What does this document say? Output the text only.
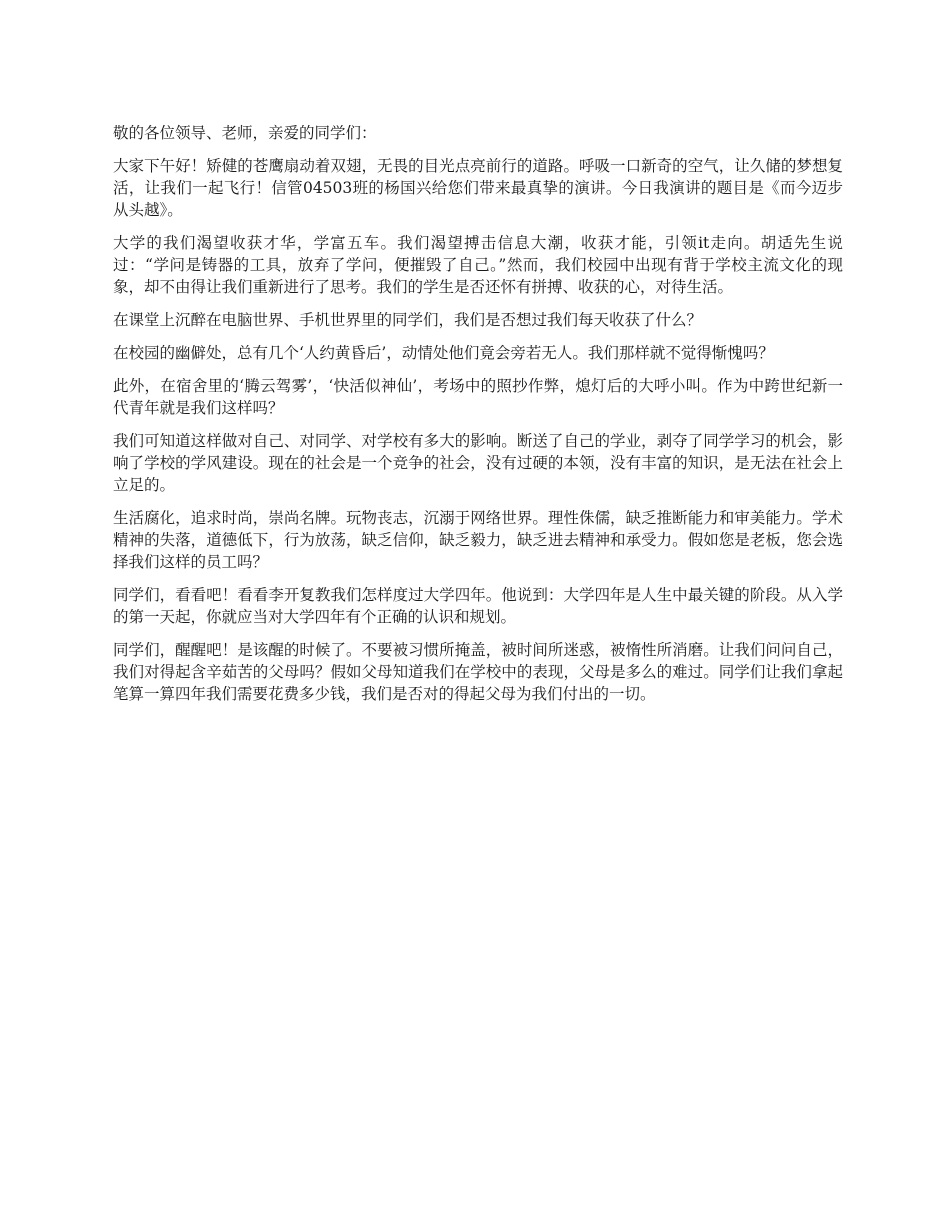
敬的各位领导、老师，亲爱的同学们：

大家下午好！矫健的苍鹰扇动着双翅，无畏的目光点亮前行的道路。呼吸一口新奇的空气，让久储的梦想复活，让我们一起飞行！信管04503班的杨国兴给您们带来最真挚的演讲。今日我演讲的题目是《而今迈步从头越》。

大学的我们渴望收获才华，学富五车。我们渴望搏击信息大潮，收获才能，引领it走向。胡适先生说过：“学问是铸器的工具，放弃了学问，便摧毁了自己。”然而，我们校园中出现有背于学校主流文化的现象，却不由得让我们重新进行了思考。我们的学生是否还怀有拼搏、收获的心，对待生活。

在课堂上沉醉在电脑世界、手机世界里的同学们，我们是否想过我们每天收获了什么？

在校园的幽僻处，总有几个‘人约黄昏后’，动情处他们竟会旁若无人。我们那样就不觉得惭愧吗？

此外，在宿舍里的‘腾云驾雾’，‘快活似神仙’，考场中的照抄作弊，熄灯后的大呼小叫。作为中跨世纪新一代青年就是我们这样吗？

我们可知道这样做对自己、对同学、对学校有多大的影响。断送了自己的学业，剥夺了同学学习的机会，影响了学校的学风建设。现在的社会是一个竞争的社会，没有过硬的本领，没有丰富的知识，是无法在社会上立足的。

生活腐化，追求时尚，崇尚名牌。玩物丧志，沉溺于网络世界。理性侏儒，缺乏推断能力和审美能力。学术精神的失落，道德低下，行为放荡，缺乏信仰，缺乏毅力，缺乏进去精神和承受力。假如您是老板，您会选择我们这样的员工吗？

同学们，看看吧！看看李开复教我们怎样度过大学四年。他说到：大学四年是人生中最关键的阶段。从入学的第一天起，你就应当对大学四年有个正确的认识和规划。

同学们，醒醒吧！是该醒的时候了。不要被习惯所掩盖，被时间所迷惑，被惰性所消磨。让我们问问自己，我们对得起含辛茹苦的父母吗？假如父母知道我们在学校中的表现，父母是多么的难过。同学们让我们拿起笔算一算四年我们需要花费多少钱，我们是否对的得起父母为我们付出的一切。
